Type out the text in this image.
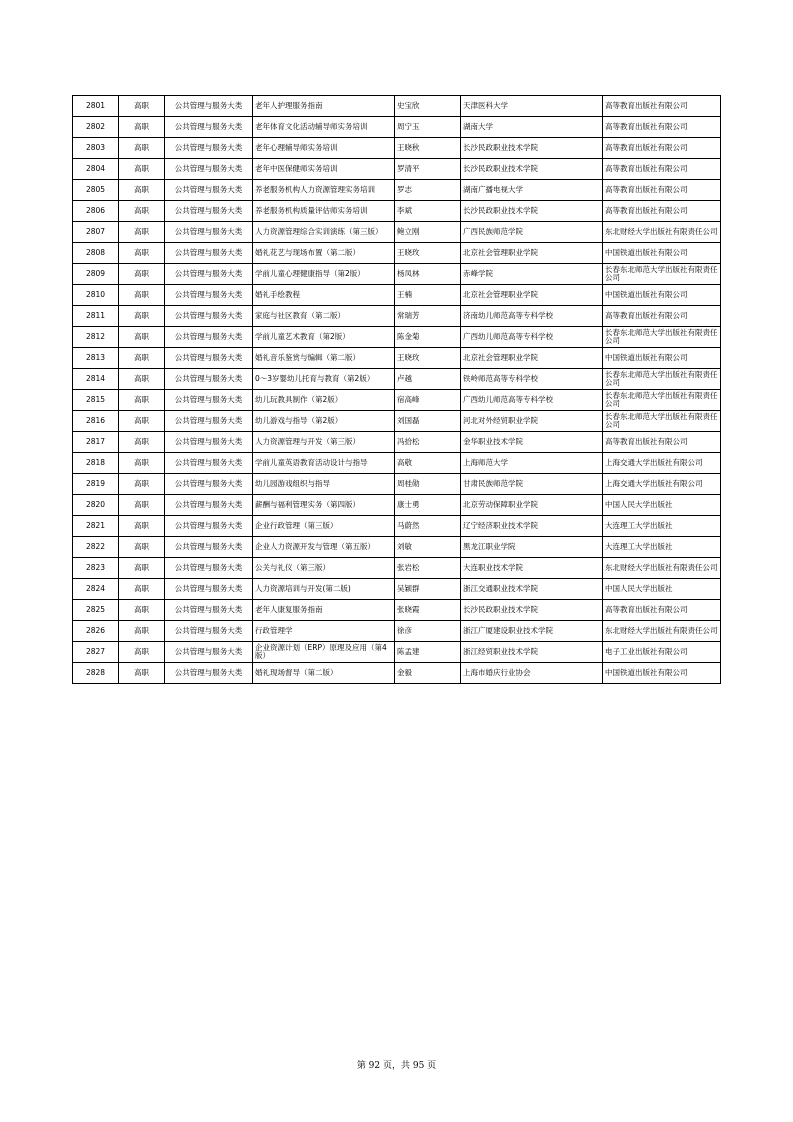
2801	高职	公共管理与服务大类	老年人护理服务指南	史宝欣	天津医科大学	高等教育出版社有限公司
2802	高职	公共管理与服务大类	老年体育文化活动辅导师实务培训	周宁玉	湖南大学	高等教育出版社有限公司
2803	高职	公共管理与服务大类	老年心理辅导师实务培训	王晓秋	长沙民政职业技术学院	高等教育出版社有限公司
2804	高职	公共管理与服务大类	老年中医保健师实务培训	罗清平	长沙民政职业技术学院	高等教育出版社有限公司
2805	高职	公共管理与服务大类	养老服务机构人力资源管理实务培训	罗志	湖南广播电视大学	高等教育出版社有限公司
2806	高职	公共管理与服务大类	养老服务机构质量评估师实务培训	李斌	长沙民政职业技术学院	高等教育出版社有限公司
2807	高职	公共管理与服务大类	人力资源管理综合实训演练（第三版）	鲍立刚	广西民族师范学院	东北财经大学出版社有限责任公司
2808	高职	公共管理与服务大类	婚礼花艺与现场布置（第二版）	王晓玫	北京社会管理职业学院	中国铁道出版社有限公司
2809	高职	公共管理与服务大类	学前儿童心理健康指导（第2版）	杨凤林	赤峰学院	长春东北师范大学出版社有限责任公司
2810	高职	公共管理与服务大类	婚礼手绘教程	王楠	北京社会管理职业学院	中国铁道出版社有限公司
2811	高职	公共管理与服务大类	家庭与社区教育（第二版）	常瑞芳	济南幼儿师范高等专科学校	高等教育出版社有限公司
2812	高职	公共管理与服务大类	学前儿童艺术教育（第2版）	陈金菊	广西幼儿师范高等专科学校	长春东北师范大学出版社有限责任公司
2813	高职	公共管理与服务大类	婚礼音乐鉴赏与编辑（第二版）	王晓玫	北京社会管理职业学院	中国铁道出版社有限公司
2814	高职	公共管理与服务大类	0～3岁婴幼儿托育与教育（第2版）	卢越	铁岭师范高等专科学校	长春东北师范大学出版社有限责任公司
2815	高职	公共管理与服务大类	幼儿玩教具制作（第2版）	宿高峰	广西幼儿师范高等专科学校	长春东北师范大学出版社有限责任公司
2816	高职	公共管理与服务大类	幼儿游戏与指导（第2版）	刘国磊	河北对外经贸职业学院	长春东北师范大学出版社有限责任公司
2817	高职	公共管理与服务大类	人力资源管理与开发（第三版）	冯拾松	金华职业技术学院	高等教育出版社有限公司
2818	高职	公共管理与服务大类	学前儿童英语教育活动设计与指导	高敬	上海师范大学	上海交通大学出版社有限公司
2819	高职	公共管理与服务大类	幼儿园游戏组织与指导	周桂勋	甘肃民族师范学院	上海交通大学出版社有限公司
2820	高职	公共管理与服务大类	薪酬与福利管理实务（第四版）	康士勇	北京劳动保障职业学院	中国人民大学出版社
2821	高职	公共管理与服务大类	企业行政管理（第三版）	马蔚然	辽宁经济职业技术学院	大连理工大学出版社
2822	高职	公共管理与服务大类	企业人力资源开发与管理（第五版）	刘敏	黑龙江职业学院	大连理工大学出版社
2823	高职	公共管理与服务大类	公关与礼仪（第三版）	张岩松	大连职业技术学院	东北财经大学出版社有限责任公司
2824	高职	公共管理与服务大类	人力资源培训与开发(第二版)	吴颖群	浙江交通职业技术学院	中国人民大学出版社
2825	高职	公共管理与服务大类	老年人康复服务指南	张晓霞	长沙民政职业技术学院	高等教育出版社有限公司
2826	高职	公共管理与服务大类	行政管理学	徐彦	浙江广厦建设职业技术学院	东北财经大学出版社有限责任公司
2827	高职	公共管理与服务大类	企业资源计划（ERP）原理及应用（第4版）	陈孟建	浙江经贸职业技术学院	电子工业出版社有限公司
2828	高职	公共管理与服务大类	婚礼现场督导（第二版）	金毅	上海市婚庆行业协会	中国铁道出版社有限公司
第 92 页，共 95 页
